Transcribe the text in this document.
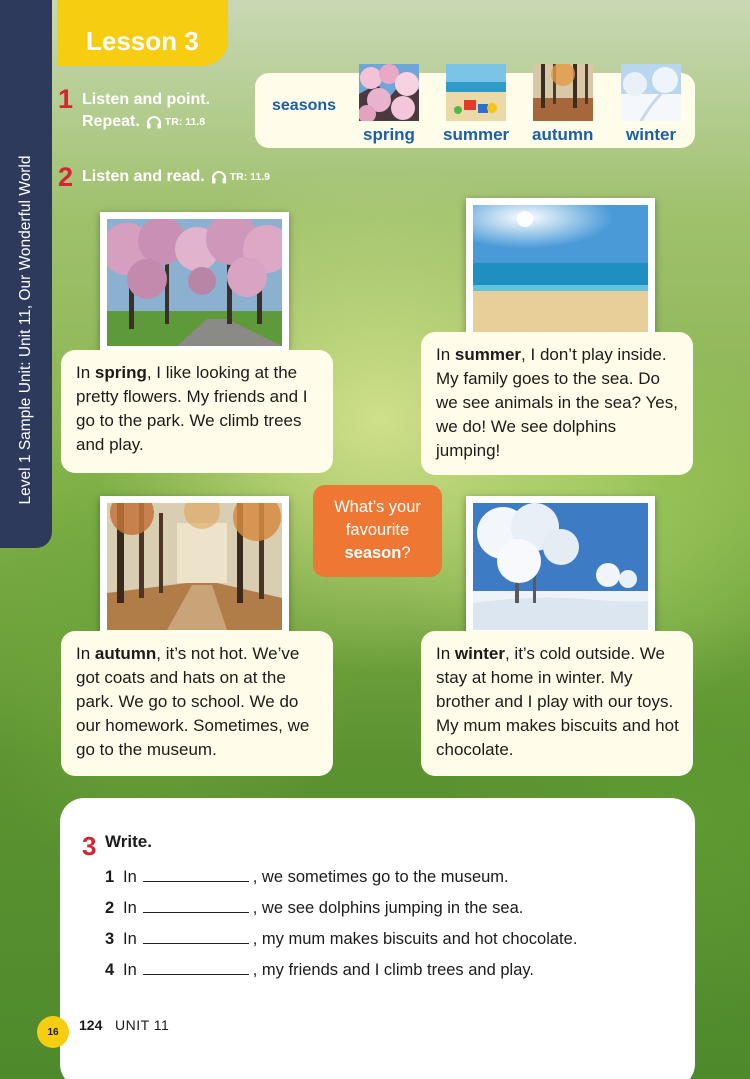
Level 1 Sample Unit: Unit 11, Our Wonderful World
Lesson 3
1 Listen and point.
Repeat. TR: 11.8
seasons
spring summer autumn winter
2 Listen and read. TR: 11.9

In spring, I like looking at the pretty flowers. My friends and I go to the park. We climb trees and play.

In summer, I don’t play inside. My family goes to the sea. Do we see animals in the sea? Yes, we do! We see dolphins jumping!

What’s your
favourite
season?

In autumn, it’s not hot. We’ve got coats and hats on at the park. We go to school. We do our homework. Sometimes, we go to the museum.

In winter, it’s cold outside. We stay at home in winter. My brother and I play with our toys. My mum makes biscuits and hot chocolate.

3 Write.
1 In	, we sometimes go to the museum.
2 In	, we see dolphins jumping in the sea.
3 In	, my mum makes biscuits and hot chocolate.
4 In	, my friends and I climb trees and play.
16	124 UNIT 11
